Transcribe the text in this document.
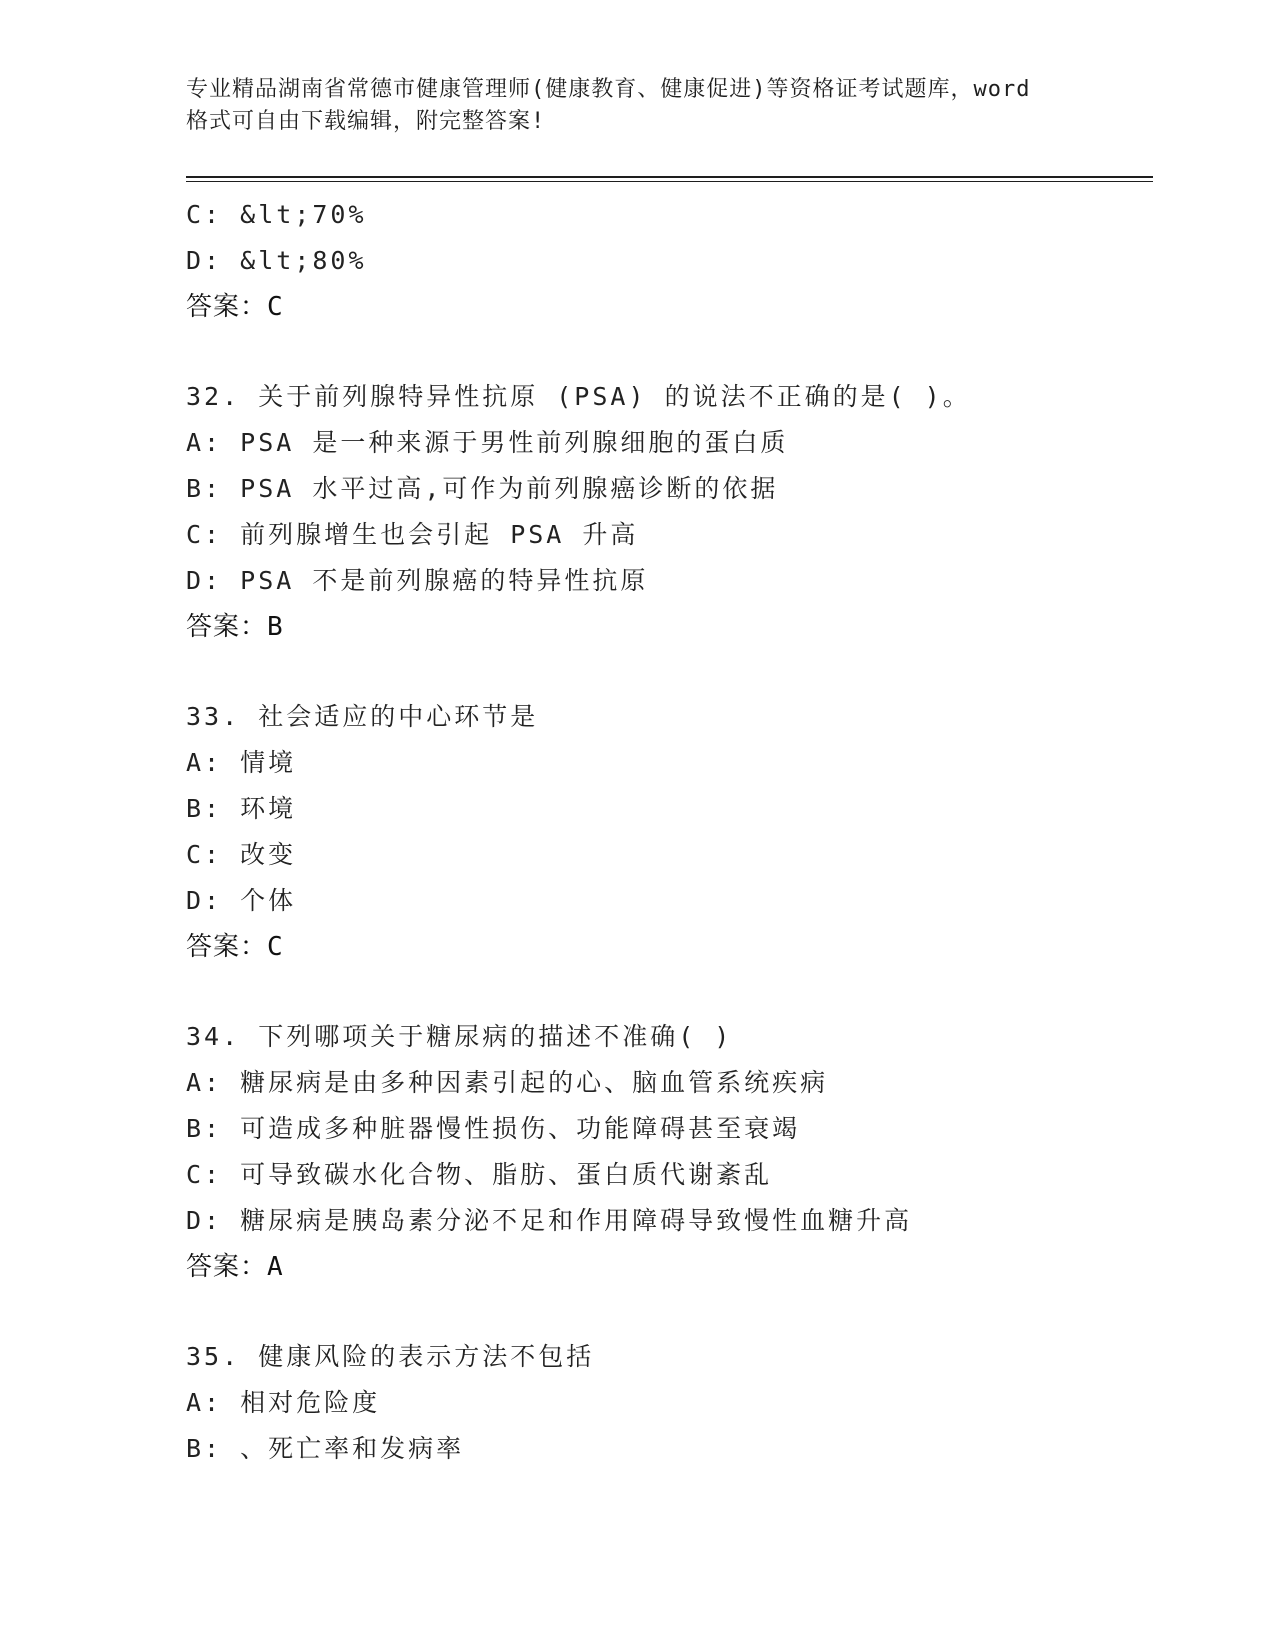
专业精品湖南省常德市健康管理师(健康教育、健康促进)等资格证考试题库，word
格式可自由下载编辑，附完整答案!
C: &lt;70%
D: &lt;80%
答案：C
32. 关于前列腺特异性抗原 (PSA) 的说法不正确的是( )。
A: PSA 是一种来源于男性前列腺细胞的蛋白质
B: PSA 水平过高,可作为前列腺癌诊断的依据
C: 前列腺增生也会引起 PSA 升高
D: PSA 不是前列腺癌的特异性抗原
答案：B
33. 社会适应的中心环节是
A: 情境
B: 环境
C: 改变
D: 个体
答案：C
34. 下列哪项关于糖尿病的描述不准确( )
A: 糖尿病是由多种因素引起的心、脑血管系统疾病
B: 可造成多种脏器慢性损伤、功能障碍甚至衰竭
C: 可导致碳水化合物、脂肪、蛋白质代谢紊乱
D: 糖尿病是胰岛素分泌不足和作用障碍导致慢性血糖升高
答案：A
35. 健康风险的表示方法不包括
A: 相对危险度
B: 、死亡率和发病率
